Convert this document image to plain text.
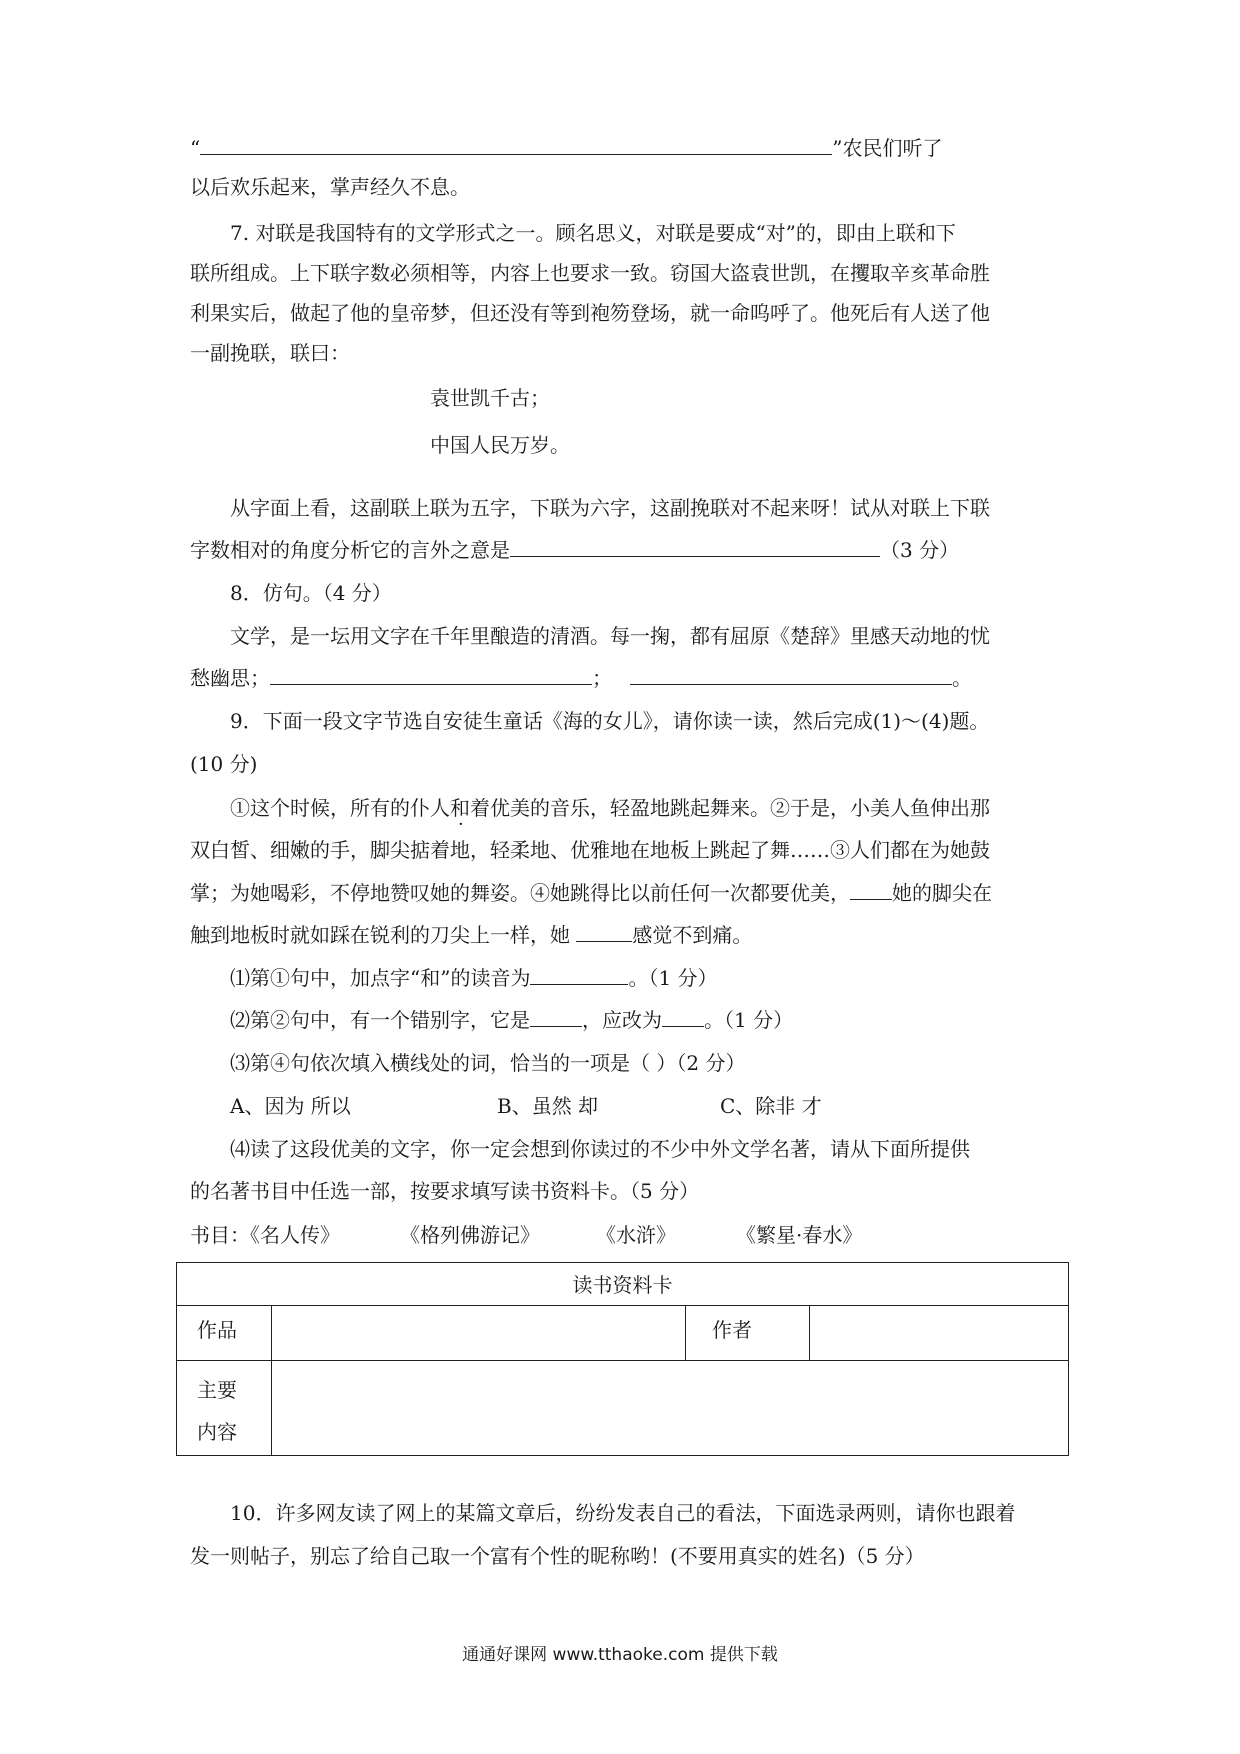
“	”农民们听了
以后欢乐起来，掌声经久不息。
7. 对联是我国特有的文学形式之一。顾名思义，对联是要成“对”的，即由上联和下
联所组成。上下联字数必须相等，内容上也要求一致。窃国大盗袁世凯，在攫取辛亥革命胜
利果实后，做起了他的皇帝梦，但还没有等到袍笏登场，就一命呜呼了。他死后有人送了他
一副挽联，联曰：
袁世凯千古；
中国人民万岁。
从字面上看，这副联上联为五字，下联为六字，这副挽联对不起来呀！试从对联上下联
字数相对的角度分析它的言外之意是	（3 分）
8．仿句。（4 分）
文学，是一坛用文字在千年里酿造的清酒。每一掬，都有屈原《楚辞》里感天动地的忧
愁幽思；	；	。
9．下面一段文字节选自安徒生童话《海的女儿》，请你读一读，然后完成(1)～(4)题。
(10 分)
①这个时候，所有的仆人和着优美的音乐，轻盈地跳起舞来。②于是，小美人鱼伸出那
双白皙、细嫩的手，脚尖掂着地，轻柔地、优雅地在地板上跳起了舞……③人们都在为她鼓
掌；为她喝彩，不停地赞叹她的舞姿。④她跳得比以前任何一次都要优美， 她的脚尖在
触到地板时就如踩在锐利的刀尖上一样，她	感觉不到痛。
⑴第①句中，加点字“和”的读音为	。（1 分）
⑵第②句中，有一个错别字，它是	，应改为 。（1 分）
⑶第④句依次填入横线处的词，恰当的一项是（ ）（2 分）
A、因为 所以	B、虽然 却	C、除非 才
⑷读了这段优美的文字，你一定会想到你读过的不少中外文学名著，请从下面所提供
的名著书目中任选一部，按要求填写读书资料卡。（5 分）
书目：《名人传》	《格列佛游记》	《水浒》	《繁星·春水》
读书资料卡			
作品		作者	

主要
内容			

10．许多网友读了网上的某篇文章后，纷纷发表自己的看法，下面选录两则，请你也跟着
发一则帖子，别忘了给自己取一个富有个性的昵称哟！(不要用真实的姓名)（5 分）
通通好课网 www.tthaoke.com 提供下载
